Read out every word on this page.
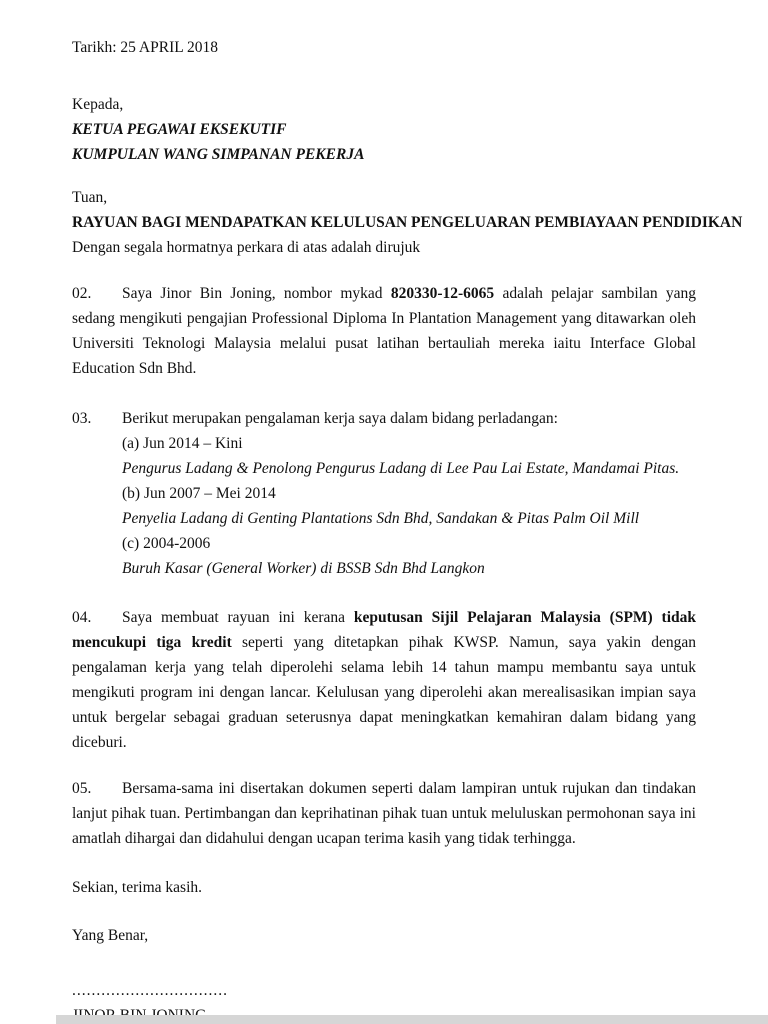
Tarikh: 25 APRIL 2018

Kepada,

KETUA PEGAWAI EKSEKUTIF

KUMPULAN WANG SIMPANAN PEKERJA

Tuan,

RAYUAN BAGI MENDAPATKAN KELULUSAN PENGELUARAN PEMBIAYAAN PENDIDIKAN

Dengan segala hormatnya perkara di atas adalah dirujuk

02. Saya Jinor Bin Joning, nombor mykad 820330-12-6065 adalah pelajar sambilan yang sedang mengikuti pengajian Professional Diploma In Plantation Management yang ditawarkan oleh Universiti Teknologi Malaysia melalui pusat latihan bertauliah mereka iaitu Interface Global Education Sdn Bhd.

03. Berikut merupakan pengalaman kerja saya dalam bidang perladangan:

(a) Jun 2014 – Kini

Pengurus Ladang & Penolong Pengurus Ladang di Lee Pau Lai Estate, Mandamai Pitas.

(b) Jun 2007 – Mei 2014

Penyelia Ladang di Genting Plantations Sdn Bhd, Sandakan & Pitas Palm Oil Mill

(c) 2004-2006

Buruh Kasar (General Worker) di BSSB Sdn Bhd Langkon

04. Saya membuat rayuan ini kerana keputusan Sijil Pelajaran Malaysia (SPM) tidak mencukupi tiga kredit seperti yang ditetapkan pihak KWSP. Namun, saya yakin dengan pengalaman kerja yang telah diperolehi selama lebih 14 tahun mampu membantu saya untuk mengikuti program ini dengan lancar. Kelulusan yang diperolehi akan merealisasikan impian saya untuk bergelar sebagai graduan seterusnya dapat meningkatkan kemahiran dalam bidang yang diceburi.

05. Bersama-sama ini disertakan dokumen seperti dalam lampiran untuk rujukan dan tindakan lanjut pihak tuan. Pertimbangan dan keprihatinan pihak tuan untuk meluluskan permohonan saya ini amatlah dihargai dan didahului dengan ucapan terima kasih yang tidak terhingga.

Sekian, terima kasih.

Yang Benar,

................................
